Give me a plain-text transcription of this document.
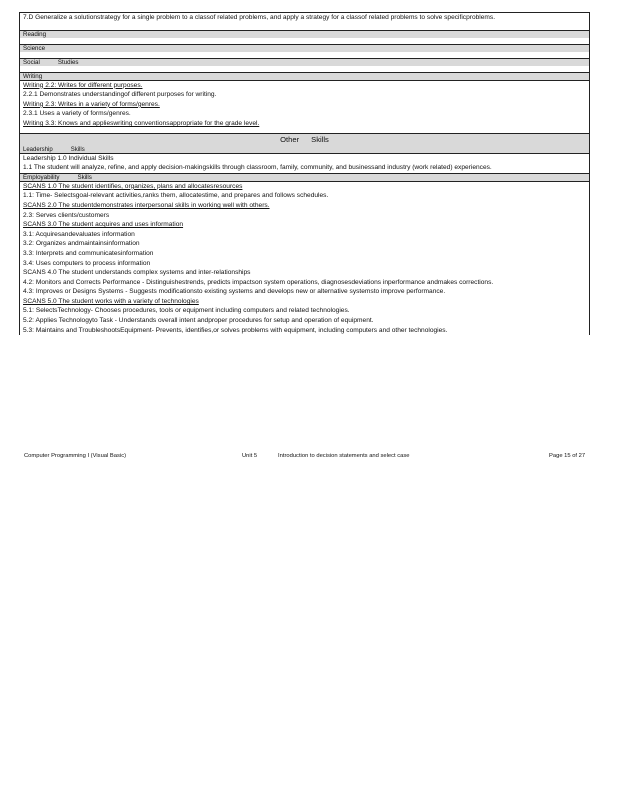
7.D Generalize a solutionstrategy for a single problem to a classof related problems, and apply a strategy for a classof related problems to solve specificproblems.
Reading
Science
Social	Studies
Writing
Writing 2.2: Writes for different purposes.
2.2.1 Demonstrates understandingof different purposes for writing.
Writing 2.3: Writes in a variety of forms/genres.
2.3.1 Uses a variety of forms/genres.
Writing 3.3: Knows and applieswriting conventionsappropriate for the grade level.
Other Skills
Leadership	Skills
Leadership 1.0 Individual Skills
1.1 The student will analyze, refine, and apply decision-makingskills through classroom, family, community, and businessand industry (work related) experiences.
Employability	Skills
SCANS 1.0 The student identifies, organizes, plans and allocatesresources
1.1: Time- Selectsgoal-relevant activities,ranks them, allocatestime, and prepares and follows schedules.
SCANS 2.0 The studentdemonstrates interpersonal skills in working well with others.
2.3: Serves clients/customers
SCANS 3.0 The student acquires and uses information
3.1: Acquiresandevaluates information
3.2: Organizes andmaintainsinformation
3.3: Interprets and communicatesinformation
3.4: Uses computers to process information
SCANS 4.0 The student understands complex systems and inter-relationships
4.2: Monitors and Corrects Performance - Distinguishestrends, predicts impactson system operations, diagnosesdeviations inperformance andmakes corrections.
4.3: Improves or Designs Systems - Suggests modificationsto existing systems and develops new or alternative systemsto improve performance.
SCANS 5.0 The student works with a variety of technologies
5.1: SelectsTechnology- Chooses procedures, tools or equipment including computers and related technologies.
5.2: Applies Technologyto Task - Understands overall intent andproper procedures for setup and operation of equipment.
5.3: Maintains and TroubleshootsEquipment- Prevents, identifies,or solves problems with equipment, including computers and other technologies.
Computer Programming I (Visual Basic)	Unit 5	Introduction to decision statements and select case	Page 15 of 27
